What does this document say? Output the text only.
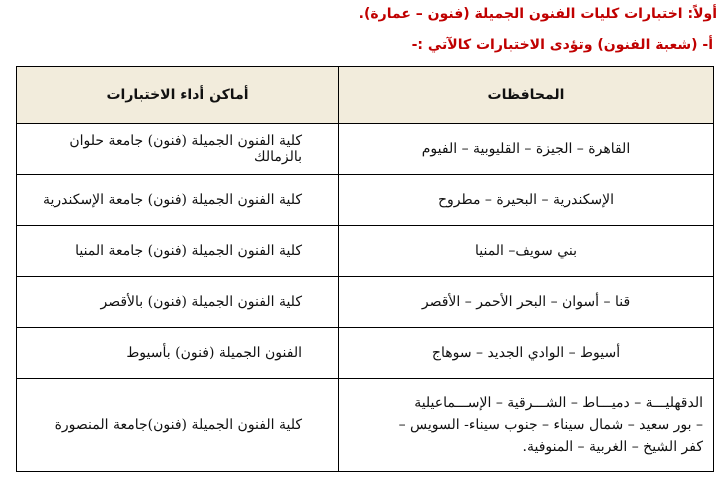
أولاً: اختبارات كليات الفنون الجميلة (فنون – عمارة).
أ- (شعبة الفنون) وتؤدى الاختبارات كالآتي :-
المحافظات	أماكن أداء الاختبارات
القاهرة – الجيزة – القليوبية – الفيوم	كلية الفنون الجميلة (فنون) جامعة حلوان بالزمالك
الإسكندرية – البحيرة – مطروح	كلية الفنون الجميلة (فنون) جامعة الإسكندرية
بني سويف– المنيا	كلية الفنون الجميلة (فنون) جامعة المنيا
قنا – أسوان – البحر الأحمر – الأقصر	كلية الفنون الجميلة (فنون) بالأقصر
أسيوط – الوادي الجديد – سوهاج	الفنون الجميلة (فنون) بأسيوط

الدقهليـــة – دميـــاط – الشـــرقية – الإســـماعيلية
– بور سعيد – شمال سيناء – جنوب سيناء- السويس –
كفر الشيخ – الغربية – المنوفية.	كلية الفنون الجميلة (فنون)جامعة المنصورة
